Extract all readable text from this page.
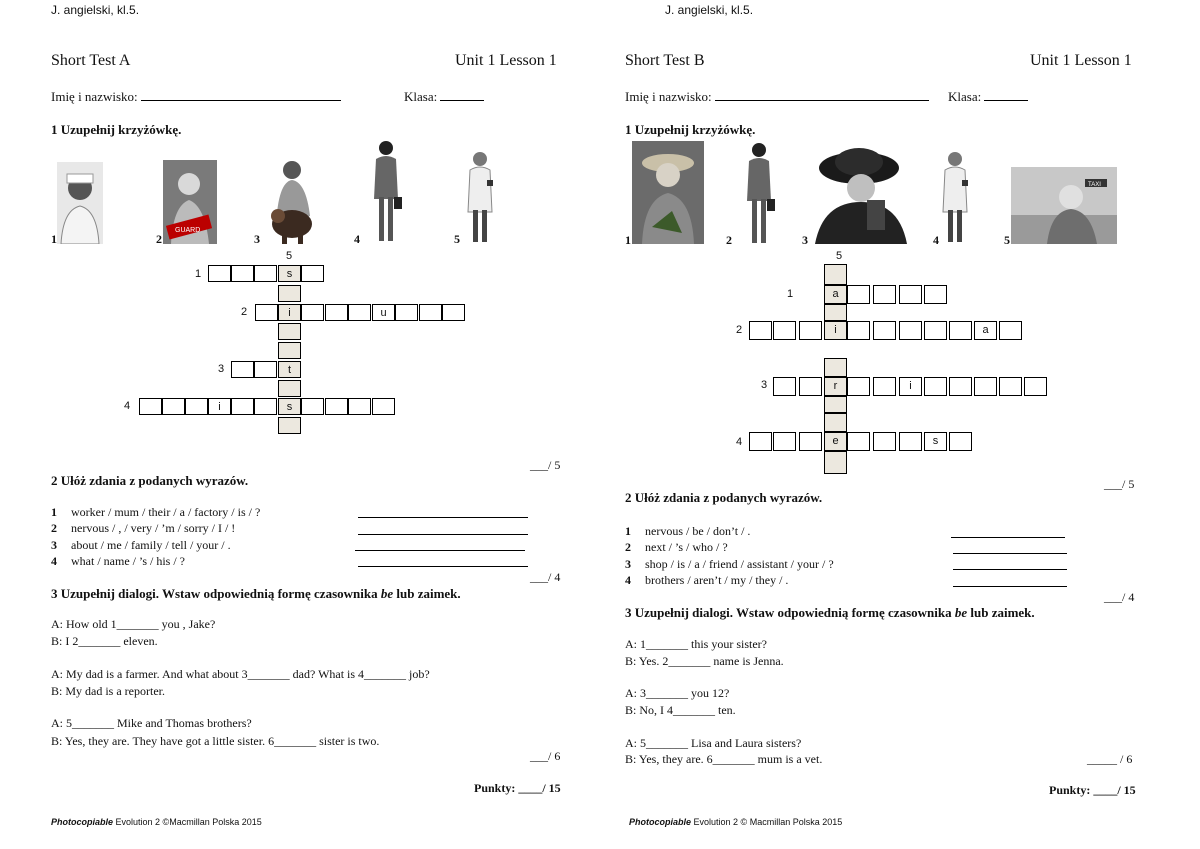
J. angielski, kl.5.
Short Test A	Unit 1 Lesson 1
Imię i nazwisko:	Klasa:
1 Uzupełnij krzyżówkę.
GUARD
1	2	3	4	5
5
1
2
3
4
s
i	u
t
i	s
___/ 5
2 Ułóż zdania z podanych wyrazów.
1 worker / mum / their / a / factory / is / ?
2 nervous / , / very / ’m / sorry / I / !
3 about / me / family / tell / your / .
4 what / name / ’s / his / ?
___/ 4
3 Uzupełnij dialogi. Wstaw odpowiednią formę czasownika be lub zaimek.
A: How old 1_______ you , Jake?
B: I 2_______ eleven.
A: My dad is a farmer. And what about 3_______ dad? What is 4_______ job?
B: My dad is a reporter.
A: 5_______ Mike and Thomas brothers?
B: Yes, they are. They have got a little sister. 6_______ sister is two.
___/ 6
Punkty: ____/ 15
Photocopiable Evolution 2 ©Macmillan Polska 2015
J. angielski, kl.5.
Short Test B	Unit 1 Lesson 1
Imię i nazwisko:	Klasa:
1 Uzupełnij krzyżówkę.
TAXI
1	2	3	4	5
5
1
2
3
4
a
i	a
r	i
e	s
___/ 5
2 Ułóż zdania z podanych wyrazów.
1 nervous / be / don’t / .
2 next / ’s / who / ?
3 shop / is / a / friend / assistant / your / ?
4 brothers / aren’t / my / they / .
___/ 4
3 Uzupełnij dialogi. Wstaw odpowiednią formę czasownika be lub zaimek.
A: 1_______ this your sister?
B: Yes. 2_______ name is Jenna.
A: 3_______ you 12?
B: No, I 4_______ ten.
A: 5_______ Lisa and Laura sisters?
B: Yes, they are. 6_______ mum is a vet.	_____ / 6
Punkty: ____/ 15
Photocopiable Evolution 2 © Macmillan Polska 2015
